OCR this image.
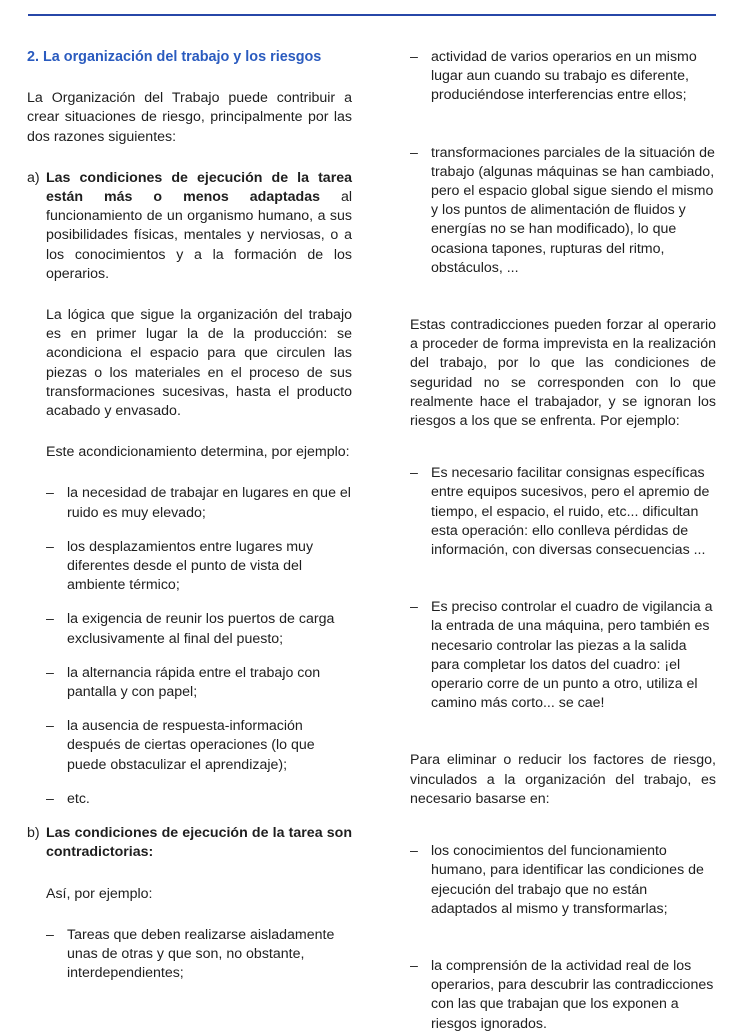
2. La organización del trabajo y los riesgos

La Organización del Trabajo puede contribuir a crear situaciones de riesgo, principalmente por las dos razones siguientes:

a) Las condiciones de ejecución de la tarea están más o menos adaptadas al funcionamiento de un organismo humano, a sus posibilidades físicas, mentales y nerviosas, o a los conocimientos y a la formación de los operarios.

La lógica que sigue la organización del trabajo es en primer lugar la de la producción: se acondiciona el espacio para que circulen las piezas o los materiales en el proceso de sus transformaciones sucesivas, hasta el producto acabado y envasado.

Este acondicionamiento determina, por ejemplo:

– la necesidad de trabajar en lugares en que el ruido es muy elevado;
– los desplazamientos entre lugares muy diferentes desde el punto de vista del ambiente térmico;
– la exigencia de reunir los puertos de carga exclusivamente al final del puesto;
– la alternancia rápida entre el trabajo con pantalla y con papel;
– la ausencia de respuesta-información después de ciertas operaciones (lo que puede obstaculizar el aprendizaje);
– etc.
b) Las condiciones de ejecución de la tarea son contradictorias:

Así, por ejemplo:

– Tareas que deben realizarse aisladamente unas de otras y que son, no obstante, interdependientes;
– actividad de varios operarios en un mismo lugar aun cuando su trabajo es diferente, produciéndose interferencias entre ellos;
– transformaciones parciales de la situación de trabajo (algunas máquinas se han cambiado, pero el espacio global sigue siendo el mismo y los puntos de alimentación de fluidos y energías no se han modificado), lo que ocasiona tapones, rupturas del ritmo, obstáculos, ...

Estas contradicciones pueden forzar al operario a proceder de forma imprevista en la realización del trabajo, por lo que las condiciones de seguridad no se corresponden con lo que realmente hace el trabajador, y se ignoran los riesgos a los que se enfrenta. Por ejemplo:

– Es necesario facilitar consignas específicas entre equipos sucesivos, pero el apremio de tiempo, el espacio, el ruido, etc... dificultan esta operación: ello conlleva pérdidas de información, con diversas consecuencias ...
– Es preciso controlar el cuadro de vigilancia a la entrada de una máquina, pero también es necesario controlar las piezas a la salida para completar los datos del cuadro: ¡el operario corre de un punto a otro, utiliza el camino más corto... se cae!

Para eliminar o reducir los factores de riesgo, vinculados a la organización del trabajo, es necesario basarse en:

– los conocimientos del funcionamiento humano, para identificar las condiciones de ejecución del trabajo que no están adaptados al mismo y transformarlas;
– la comprensión de la actividad real de los operarios, para descubrir las contradicciones con las que trabajan que los exponen a riesgos ignorados.
